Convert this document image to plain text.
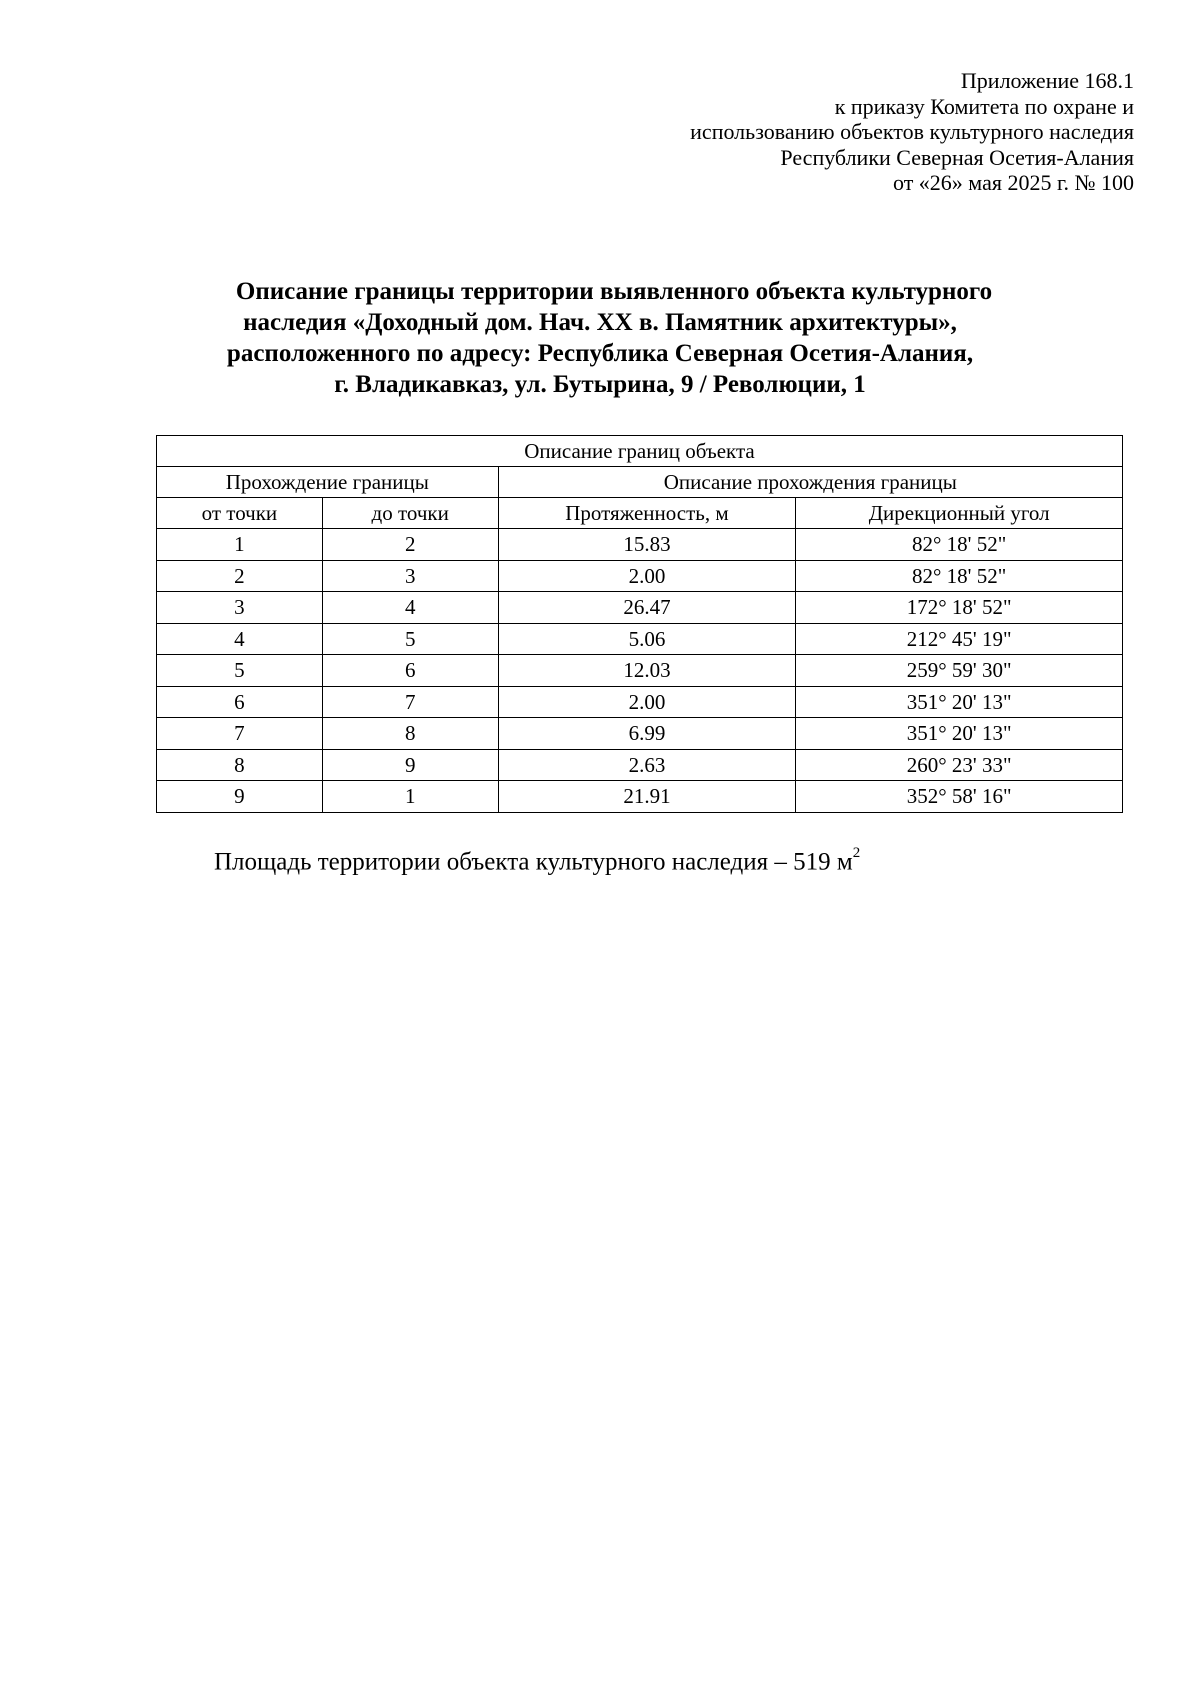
Приложение 168.1
к приказу Комитета по охране и
использованию объектов культурного наследия
Республики Северная Осетия-Алания
от «26» мая 2025 г. № 100
Описание границы территории выявленного объекта культурного
наследия «Доходный дом. Нач. XX в. Памятник архитектуры»,
расположенного по адресу: Республика Северная Осетия-Алания,
г. Владикавказ, ул. Бутырина, 9 / Революции, 1
Описание границ объекта			
Прохождение границы		Описание прохождения границы	
от точки	до точки	Протяженность, м	Дирекционный угол
1	2	15.83	82° 18' 52"
2	3	2.00	82° 18' 52"
3	4	26.47	172° 18' 52"
4	5	5.06	212° 45' 19"
5	6	12.03	259° 59' 30"
6	7	2.00	351° 20' 13"
7	8	6.99	351° 20' 13"
8	9	2.63	260° 23' 33"
9	1	21.91	352° 58' 16"
Площадь территории объекта культурного наследия – 519 $м^2$
